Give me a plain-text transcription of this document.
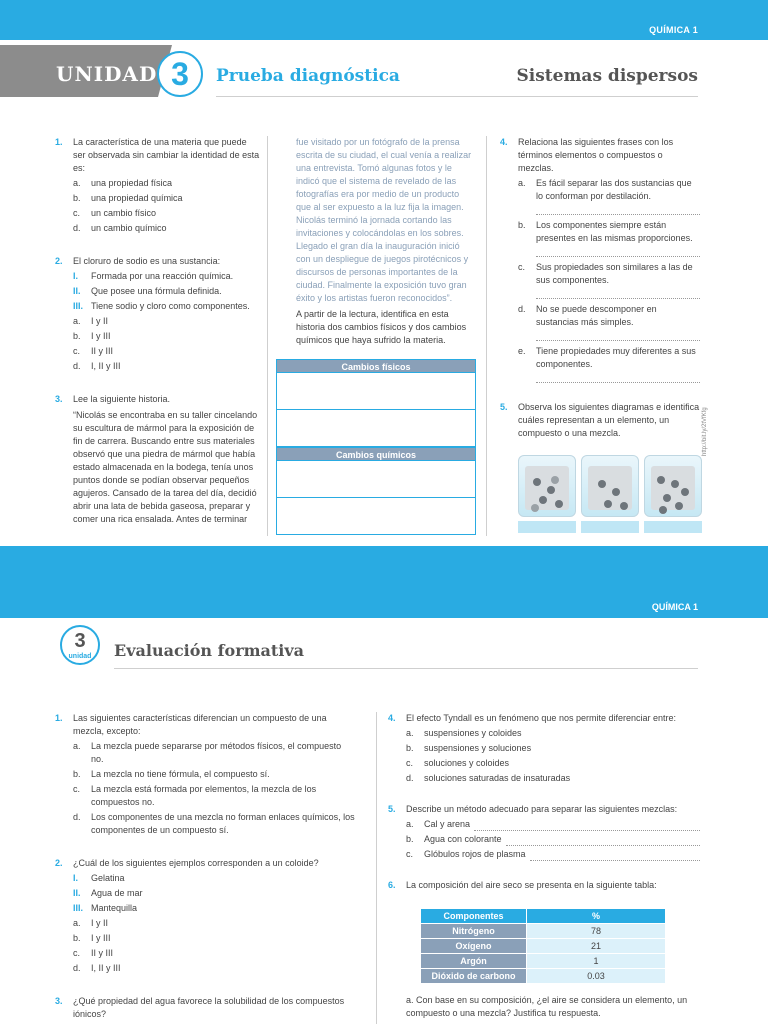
QUÍMICA 1
UNIDAD 3	Prueba diagnóstica	Sistemas dispersos
1. La característica de una materia que puede ser observada sin cambiar la identidad de esta es:
a. una propiedad física
b. una propiedad química
c. un cambio físico
d. un cambio químico
2. El cloruro de sodio es una sustancia:
I. Formada por una reacción química.
II. Que posee una fórmula definida.
III. Tiene sodio y cloro como componentes.
a. I y II
b. I y III
c. II y III
d. I, II y III
3. Lee la siguiente historia.
“Nicolás se encontraba en su taller cincelando su escultura de mármol para la exposición de fin de carrera. Buscando entre sus materiales observó que una piedra de mármol que había estado almacenada en la bodega, tenía unos puntos donde se podían observar pequeños agujeros. Cansado de la tarea del día, decidió abrir una lata de bebida gaseosa, preparar y comer una rica ensalada. Antes de terminar
fue visitado por un fotógrafo de la prensa escrita de su ciudad, el cual venía a realizar una entrevista. Tomó algunas fotos y le indicó que el sistema de revelado de las fotografías era por medio de un producto que al ser expuesto a la luz fija la imagen. Nicolás terminó la jornada cortando las invitaciones y colocándolas en los sobres. Llegado el gran día la inauguración inició con un despliegue de juegos pirotécnicos y discursos de personas importantes de la ciudad. Finalmente la exposición tuvo gran éxito y los artistas fueron reconocidos”.
A partir de la lectura, identifica en esta historia dos cambios físicos y dos cambios químicos que haya sufrido la materia.
Cambios físicos
Cambios químicos
4. Relaciona las siguientes frases con los términos elementos o compuestos o mezclas.
a. Es fácil separar las dos sustancias que lo conforman por destilación.
b. Los componentes siempre están presentes en las mismas proporciones.
c. Sus propiedades son similares a las de sus componentes.
d. No se puede descomponer en sustancias más simples.
e. Tiene propiedades muy diferentes a sus componentes.
5. Observa los siguientes diagramas e identifica cuáles representan a un elemento, un compuesto o una mezcla.	http://bit.ly/2tVfKfg
QUÍMICA 1
3
unidad	Evaluación formativa
1. Las siguientes características diferencian un compuesto de una mezcla, excepto:
a. La mezcla puede separarse por métodos físicos, el compuesto no.
b. La mezcla no tiene fórmula, el compuesto sí.
c. La mezcla está formada por elementos, la mezcla de los compuestos no.
d. Los componentes de una mezcla no forman enlaces químicos, los componentes de un compuesto sí.
2. ¿Cuál de los siguientes ejemplos corresponden a un coloide?
I. Gelatina
II. Agua de mar
III. Mantequilla
a. I y II
b. I y III
c. II y III
d. I, II y III
3. ¿Qué propiedad del agua favorece la solubilidad de los compuestos iónicos?
4. El efecto Tyndall es un fenómeno que nos permite diferenciar entre:
a. suspensiones y coloides
b. suspensiones y soluciones
c. soluciones y coloides
d. soluciones saturadas de insaturadas
5. Describe un método adecuado para separar las siguientes mezclas:
a. Cal y arena
b. Agua con colorante
c. Glóbulos rojos de plasma
6. La composición del aire seco se presenta en la siguiente tabla:
Componentes	%
Nitrógeno	78
Oxígeno	21
Argón	1
Dióxido de carbono	0.03
a. Con base en su composición, ¿el aire se considera un elemento, un compuesto o una mezcla? Justifica tu respuesta.
